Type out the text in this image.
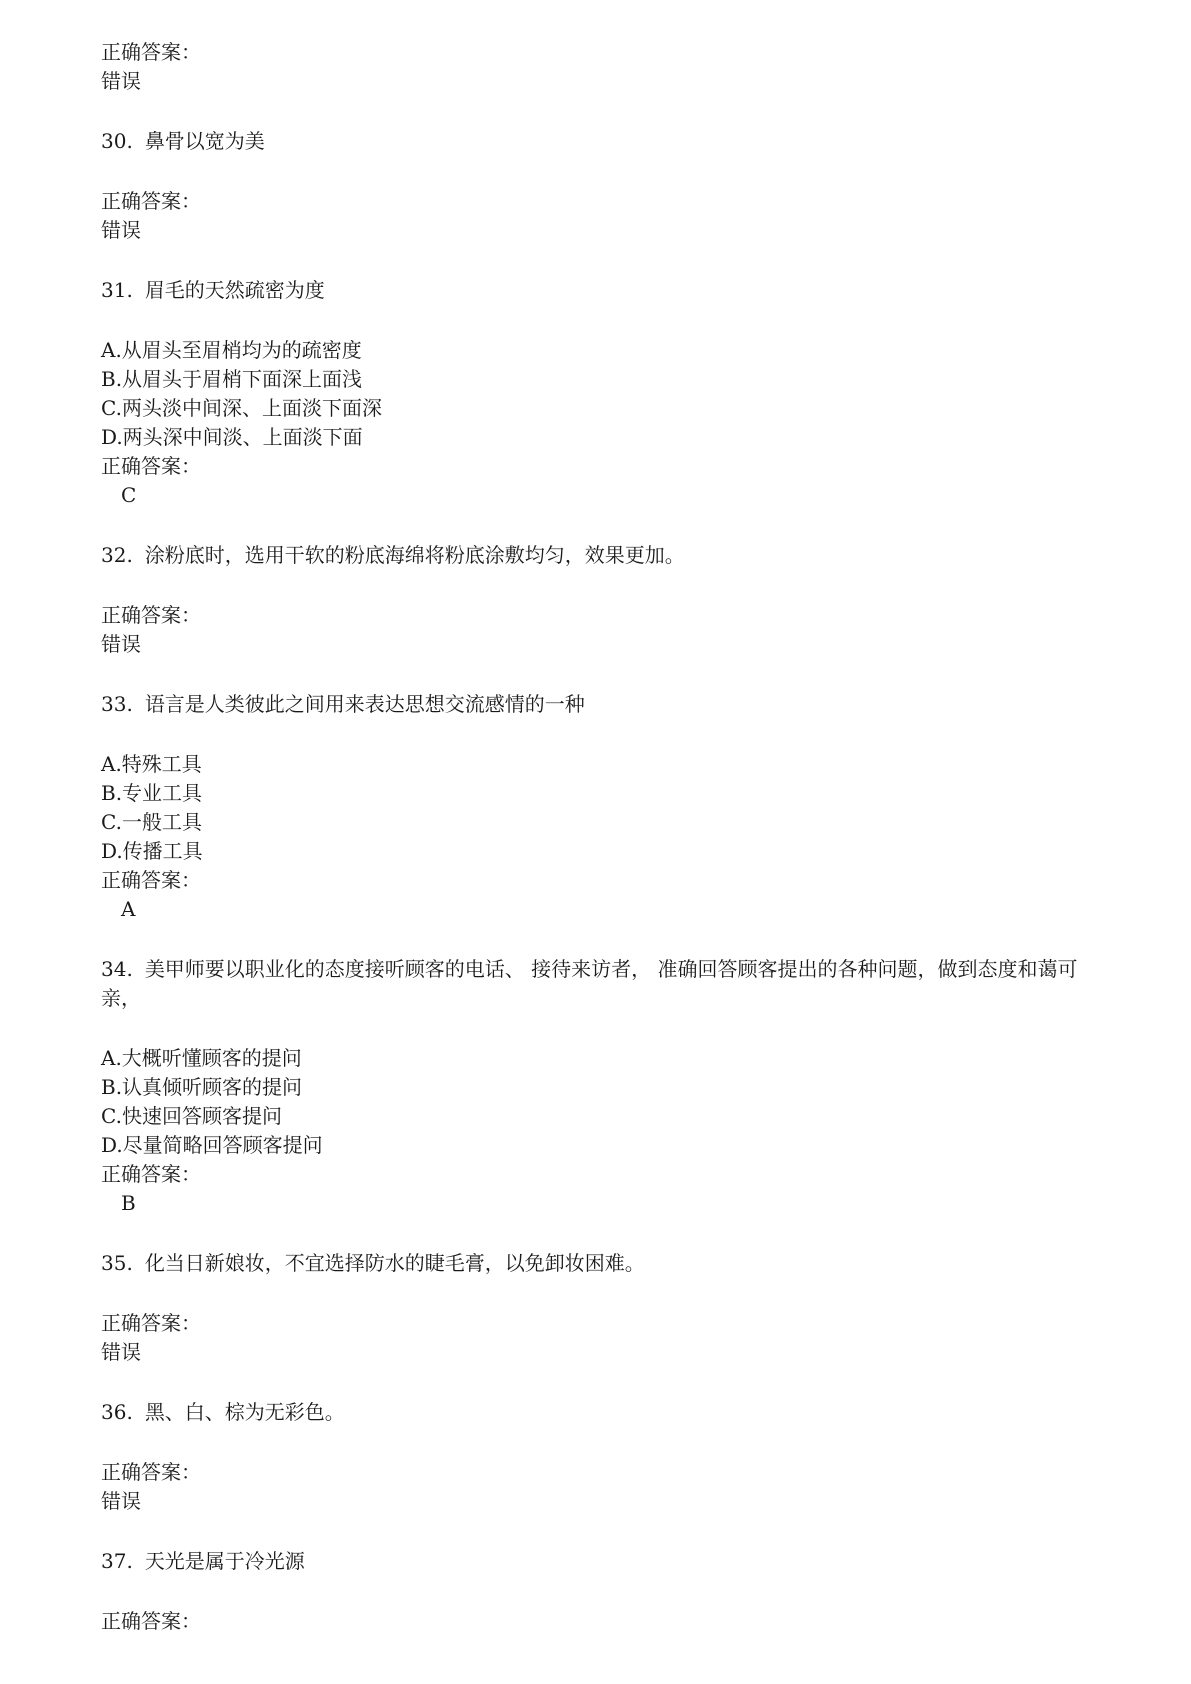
正确答案：
错误
30. 鼻骨以宽为美
正确答案：
错误
31. 眉毛的天然疏密为度
A.从眉头至眉梢均为的疏密度
B.从眉头于眉梢下面深上面浅
C.两头淡中间深、上面淡下面深
D.两头深中间淡、上面淡下面
正确答案：
C
32. 涂粉底时，选用干软的粉底海绵将粉底涂敷均匀，效果更加。
正确答案：
错误
33. 语言是人类彼此之间用来表达思想交流感情的一种
A.特殊工具
B.专业工具
C.一般工具
D.传播工具
正确答案：
A
34. 美甲师要以职业化的态度接听顾客的电话、 接待来访者， 准确回答顾客提出的各种问题，做到态度和蔼可亲，
A.大概听懂顾客的提问
B.认真倾听顾客的提问
C.快速回答顾客提问
D.尽量简略回答顾客提问
正确答案：
B
35. 化当日新娘妆，不宜选择防水的睫毛膏，以免卸妆困难。
正确答案：
错误
36. 黑、白、棕为无彩色。
正确答案：
错误
37. 天光是属于冷光源
正确答案：
